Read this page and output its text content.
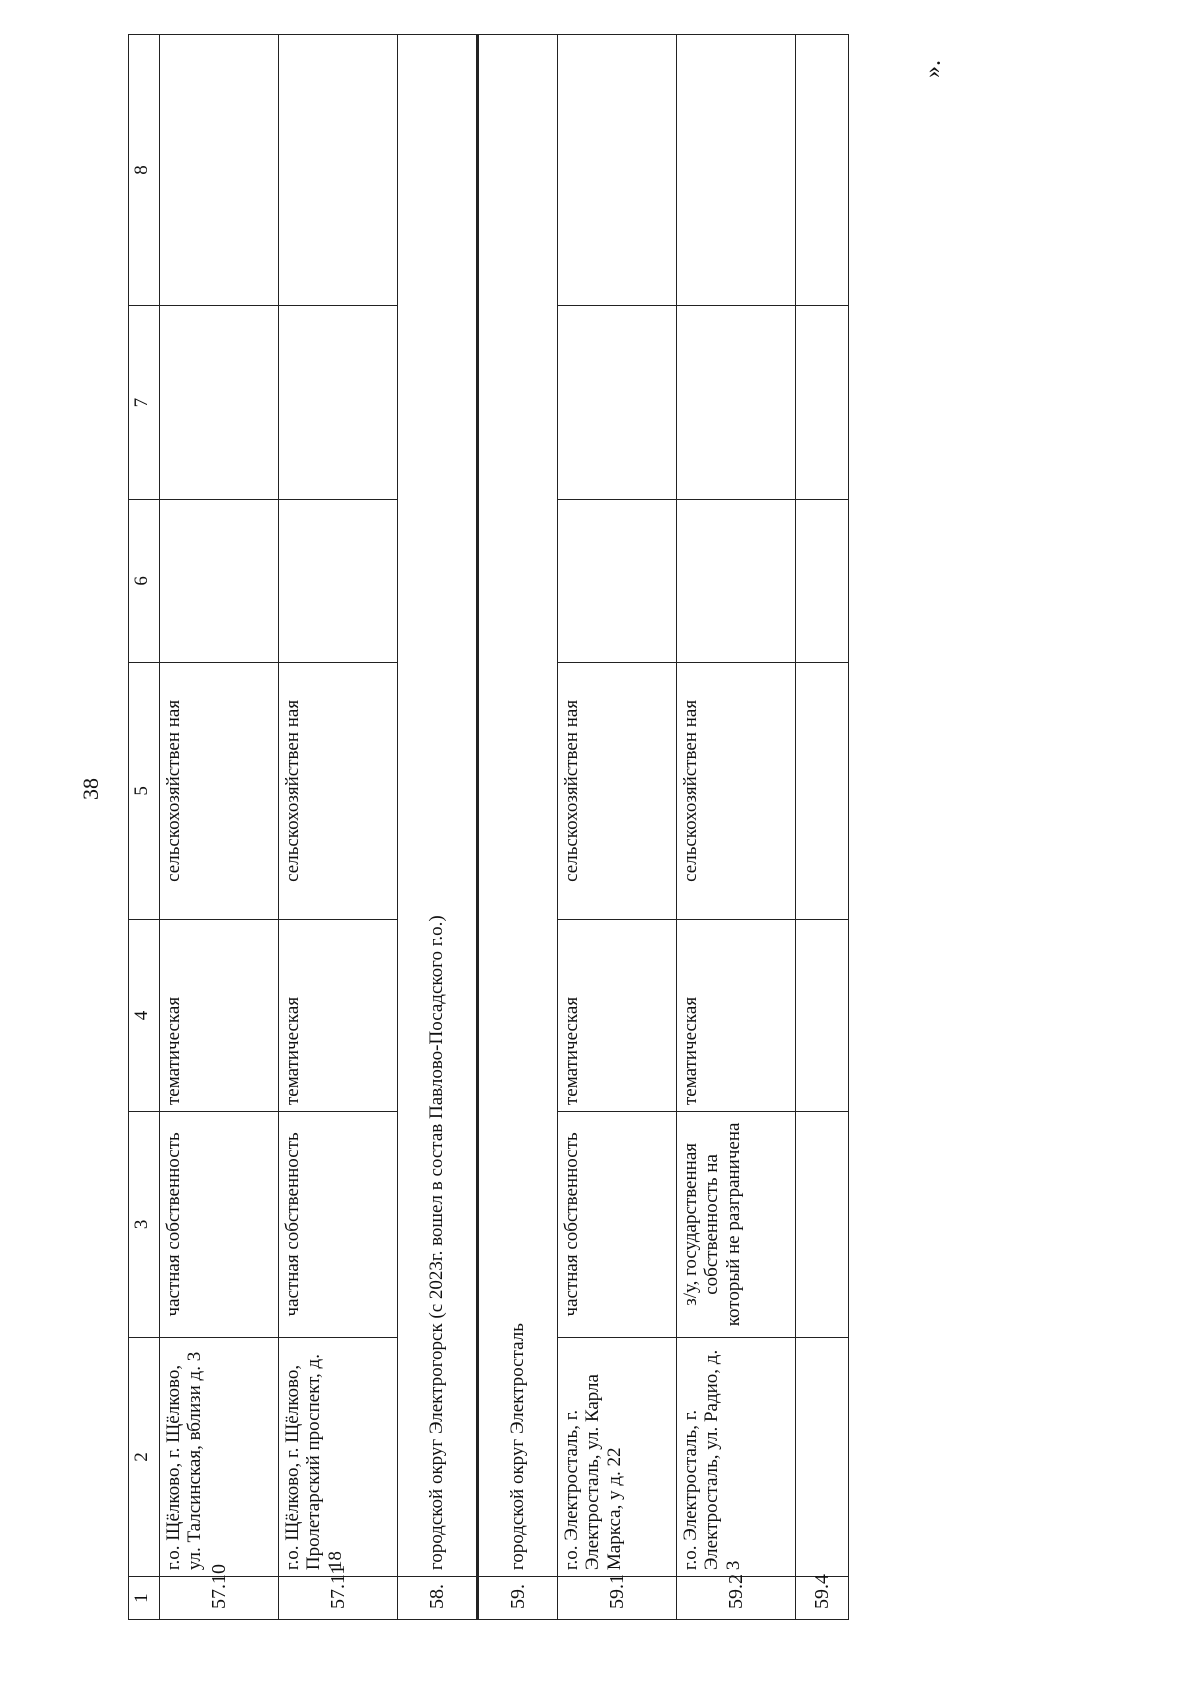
38
».
1	2	3	4	5	6	7	8
57.10	г.о. Щёлково, г. Щёлково, ул. Талсинская, вблизи д. 3	частная собственность	тематическая	сельскохозяйствен ная			
57.11	г.о. Щёлково, г. Щёлково, Пролетарский проспект, д. 18	частная собственность	тематическая	сельскохозяйствен ная			
58.	городской округ Электрогорск (с 2023г. вошел в состав Павлово-Посадского г.о.)						
59.	городской округ Электросталь						
59.1	г.о. Электросталь, г. Электросталь, ул. Карла Маркса, у д. 22	частная собственность	тематическая	сельскохозяйствен ная			
59.2	г.о. Электросталь, г. Электросталь, ул. Радио, д. 3	з/у, государственная собственность на который не разграничена	тематическая	сельскохозяйствен ная			
59.4							
